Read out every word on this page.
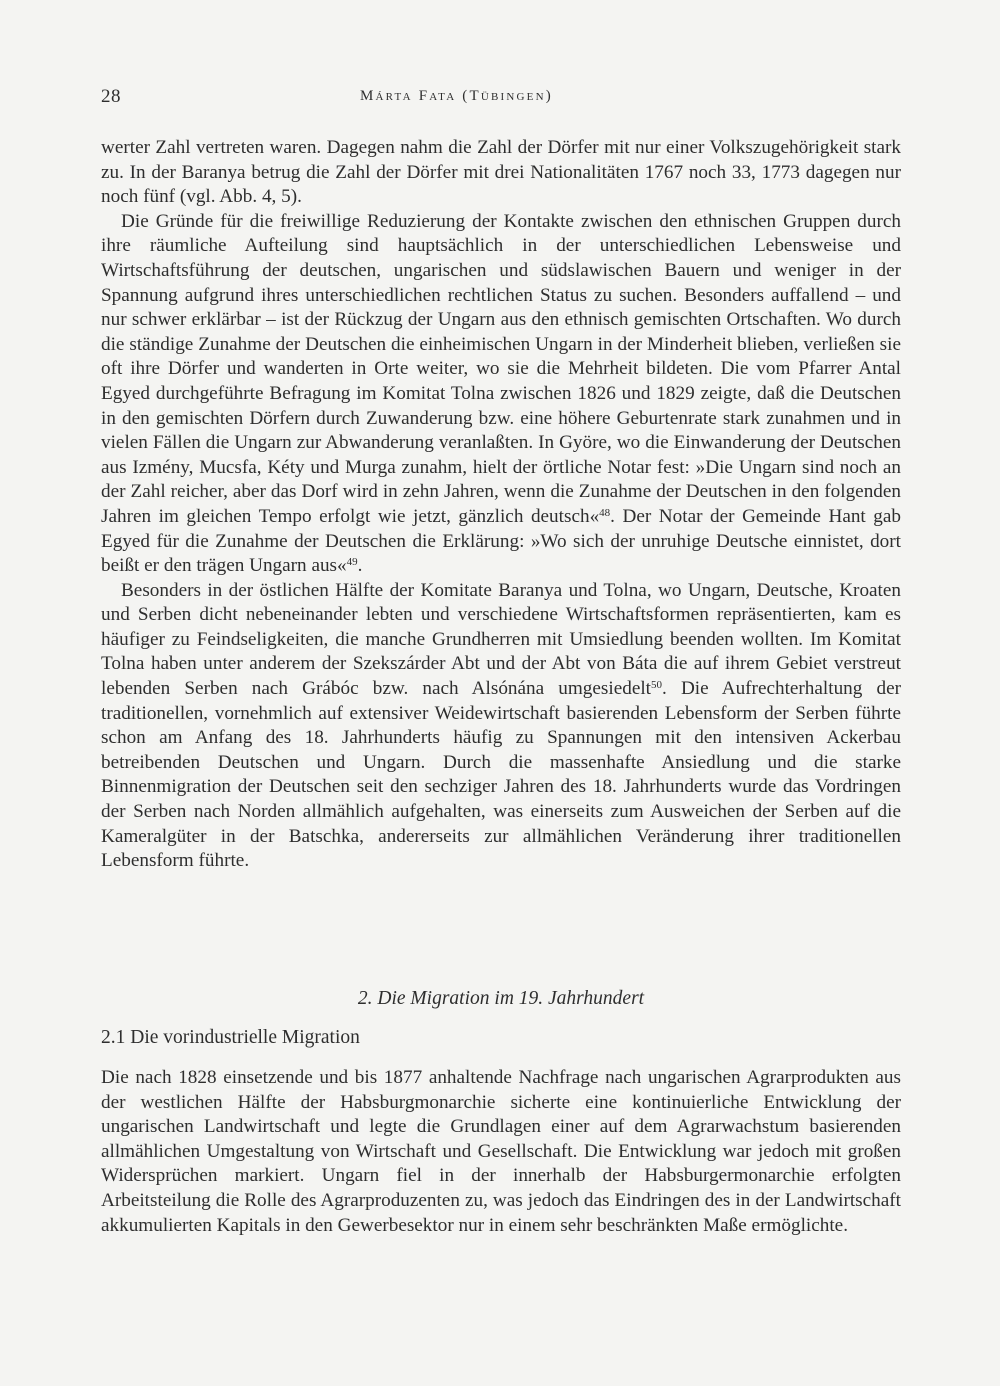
28	Márta Fata (Tübingen)

werter Zahl vertreten waren. Dagegen nahm die Zahl der Dörfer mit nur einer Volkszugehörigkeit stark zu. In der Baranya betrug die Zahl der Dörfer mit drei Nationalitäten 1767 noch 33, 1773 dagegen nur noch fünf (vgl. Abb. 4, 5).

Die Gründe für die freiwillige Reduzierung der Kontakte zwischen den ethnischen Gruppen durch ihre räumliche Aufteilung sind hauptsächlich in der unterschiedlichen Lebensweise und Wirtschaftsführung der deutschen, ungarischen und südslawischen Bauern und weniger in der Spannung aufgrund ihres unterschiedlichen rechtlichen Status zu suchen. Besonders auffallend – und nur schwer erklärbar – ist der Rückzug der Ungarn aus den ethnisch gemischten Ortschaften. Wo durch die ständige Zunahme der Deutschen die einheimischen Ungarn in der Minderheit blieben, verließen sie oft ihre Dörfer und wanderten in Orte weiter, wo sie die Mehrheit bildeten. Die vom Pfarrer Antal Egyed durchgeführte Befragung im Komitat Tolna zwischen 1826 und 1829 zeigte, daß die Deutschen in den gemischten Dörfern durch Zuwanderung bzw. eine höhere Geburtenrate stark zunahmen und in vielen Fällen die Ungarn zur Abwanderung veranlaßten. In Györe, wo die Einwanderung der Deutschen aus Izmény, Mucsfa, Kéty und Murga zunahm, hielt der örtliche Notar fest: »Die Ungarn sind noch an der Zahl reicher, aber das Dorf wird in zehn Jahren, wenn die Zunahme der Deutschen in den folgenden Jahren im gleichen Tempo erfolgt wie jetzt, gänzlich deutsch«$^{48}$. Der Notar der Gemeinde Hant gab Egyed für die Zunahme der Deutschen die Erklärung: »Wo sich der unruhige Deutsche einnistet, dort beißt er den trägen Ungarn aus«$^{49}$.

Besonders in der östlichen Hälfte der Komitate Baranya und Tolna, wo Ungarn, Deutsche, Kroaten und Serben dicht nebeneinander lebten und verschiedene Wirtschaftsformen repräsentierten, kam es häufiger zu Feindseligkeiten, die manche Grundherren mit Umsiedlung beenden wollten. Im Komitat Tolna haben unter anderem der Szekszárder Abt und der Abt von Báta die auf ihrem Gebiet verstreut lebenden Serben nach Grábóc bzw. nach Alsónána umgesiedelt$^{50}$. Die Aufrechterhaltung der traditionellen, vornehmlich auf extensiver Weidewirtschaft basierenden Lebensform der Serben führte schon am Anfang des 18. Jahrhunderts häufig zu Spannungen mit den intensiven Ackerbau betreibenden Deutschen und Ungarn. Durch die massenhafte Ansiedlung und die starke Binnenmigration der Deutschen seit den sechziger Jahren des 18. Jahrhunderts wurde das Vordringen der Serben nach Norden allmählich aufgehalten, was einerseits zum Ausweichen der Serben auf die Kameralgüter in der Batschka, andererseits zur allmählichen Veränderung ihrer traditionellen Lebensform führte.

2. Die Migration im 19. Jahrhundert
2.1 Die vorindustrielle Migration

Die nach 1828 einsetzende und bis 1877 anhaltende Nachfrage nach ungarischen Agrarprodukten aus der westlichen Hälfte der Habsburgmonarchie sicherte eine kontinuierliche Entwicklung der ungarischen Landwirtschaft und legte die Grundlagen einer auf dem Agrarwachstum basierenden allmählichen Umgestaltung von Wirtschaft und Gesellschaft. Die Entwicklung war jedoch mit großen Widersprüchen markiert. Ungarn fiel in der innerhalb der Habsburgermonarchie erfolgten Arbeitsteilung die Rolle des Agrarproduzenten zu, was jedoch das Eindringen des in der Landwirtschaft akkumulierten Kapitals in den Gewerbesektor nur in einem sehr beschränkten Maße ermöglichte.
